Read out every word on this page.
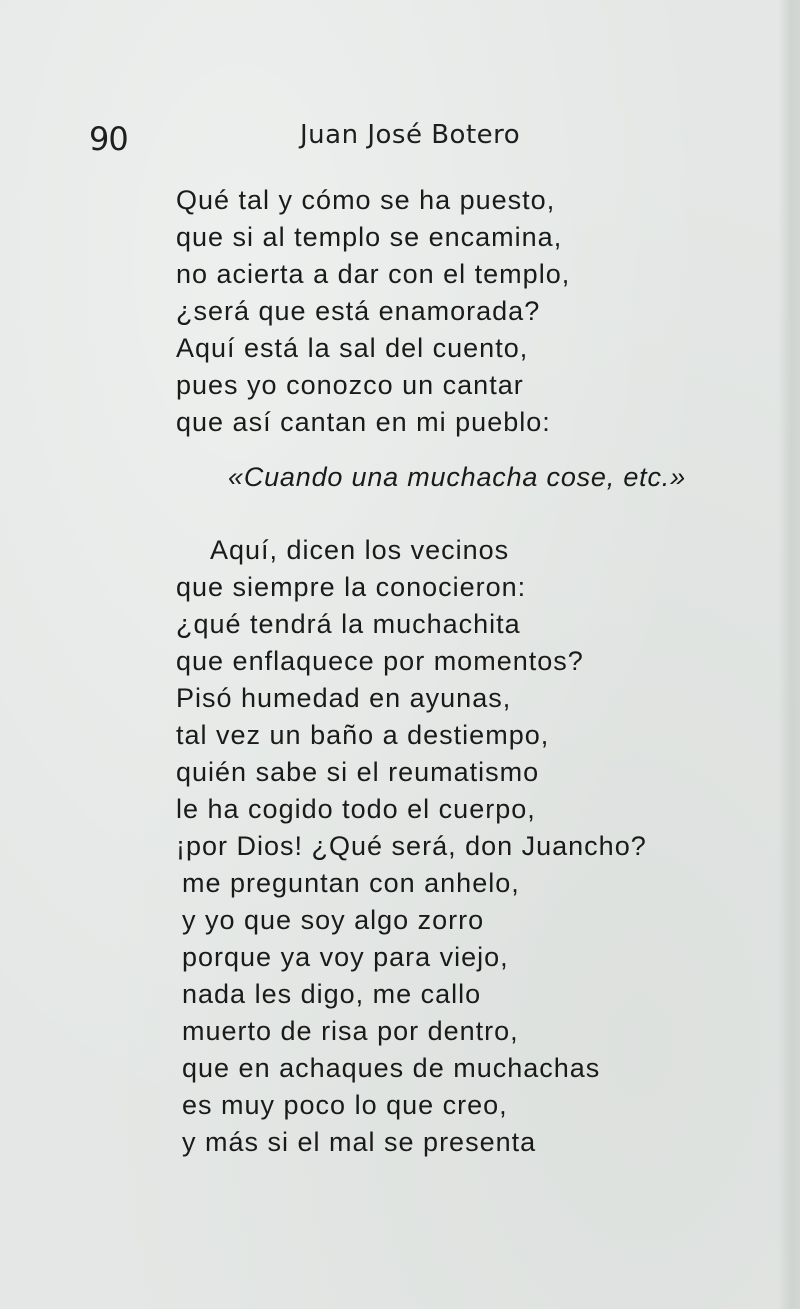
90	Juan José Botero
Qué tal y cómo se ha puesto,
que si al templo se encamina,
no acierta a dar con el templo,
¿será que está enamorada?
Aquí está la sal del cuento,
pues yo conozco un cantar
que así cantan en mi pueblo:
«Cuando una muchacha cose, etc.»
Aquí, dicen los vecinos
que siempre la conocieron:
¿qué tendrá la muchachita
que enflaquece por momentos?
Pisó humedad en ayunas,
tal vez un baño a destiempo,
quién sabe si el reumatismo
le ha cogido todo el cuerpo,
¡por Dios! ¿Qué será, don Juancho?
me preguntan con anhelo,
y yo que soy algo zorro
porque ya voy para viejo,
nada les digo, me callo
muerto de risa por dentro,
que en achaques de muchachas
es muy poco lo que creo,
y más si el mal se presenta
